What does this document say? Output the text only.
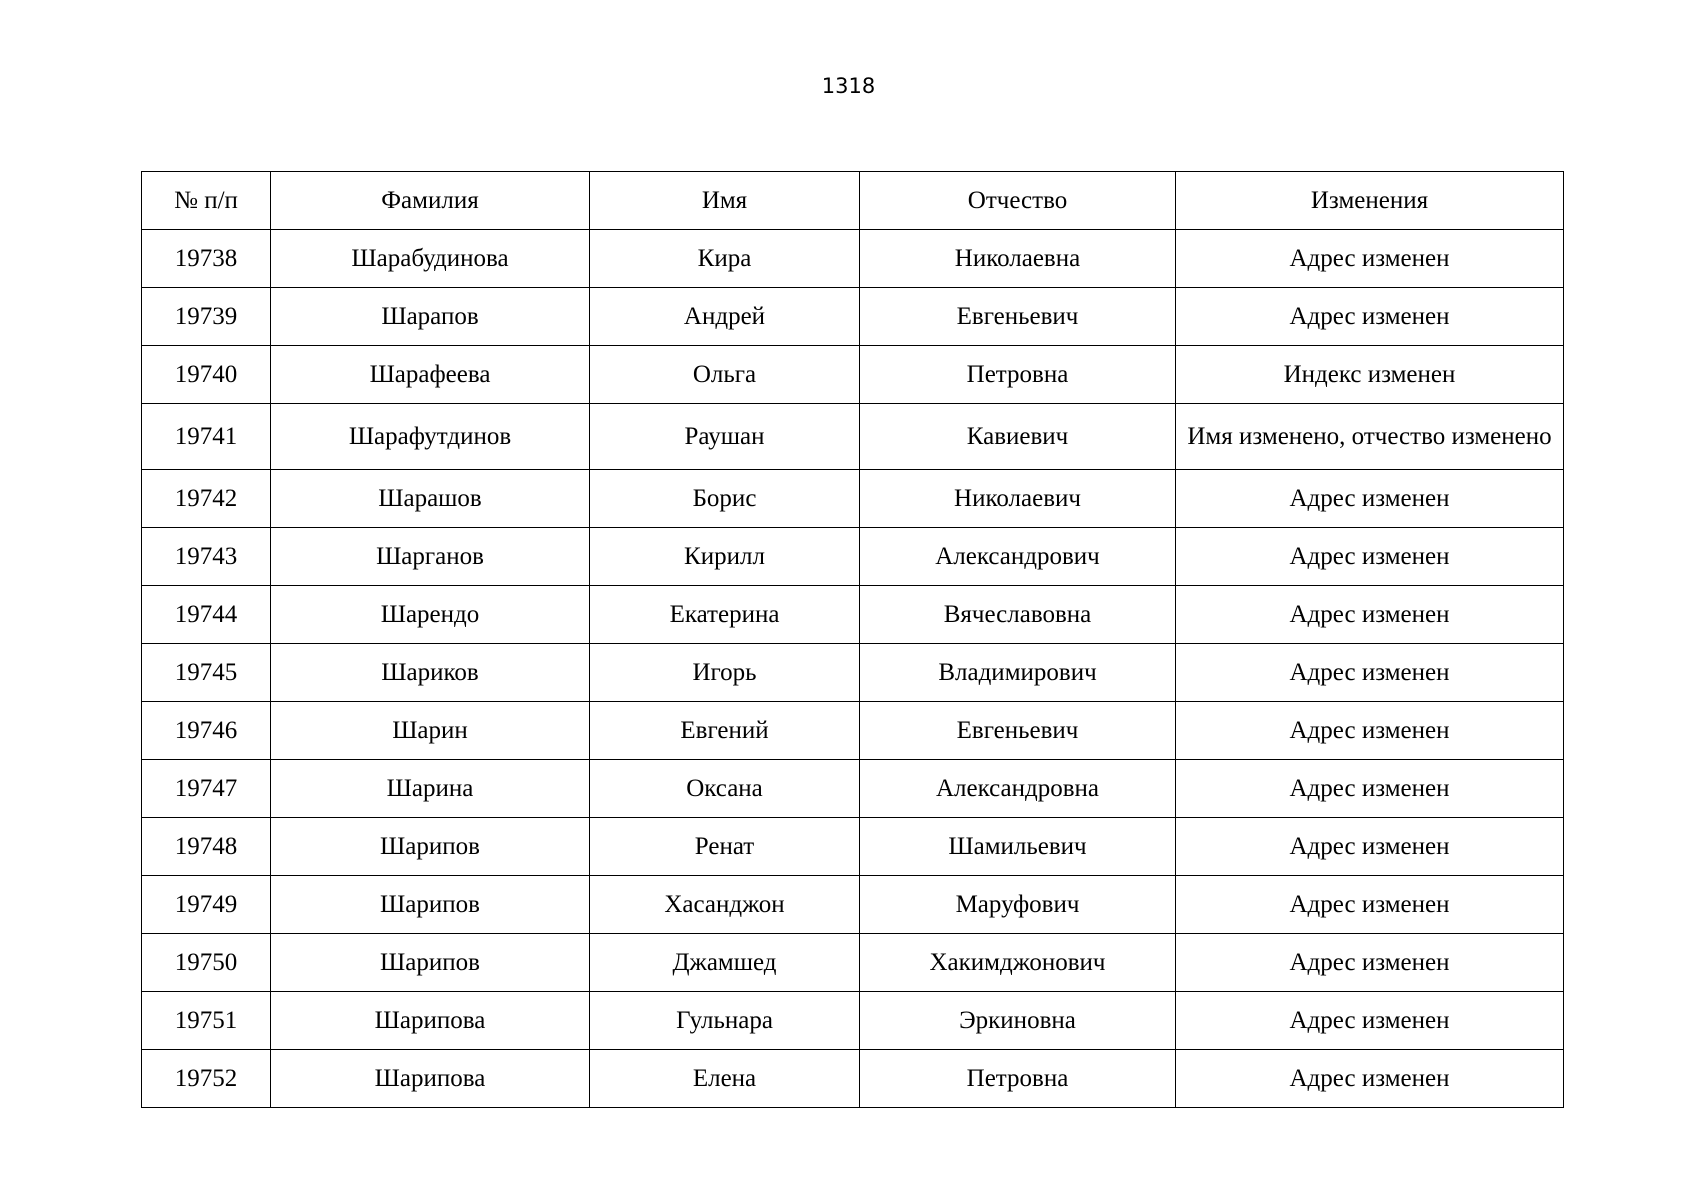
1318
№ п/п	Фамилия	Имя	Отчество	Изменения
19738	Шарабудинова	Кира	Николаевна	Адрес изменен
19739	Шарапов	Андрей	Евгеньевич	Адрес изменен
19740	Шарафеева	Ольга	Петровна	Индекс изменен
19741	Шарафутдинов	Раушан	Кавиевич	Имя изменено, отчество изменено
19742	Шарашов	Борис	Николаевич	Адрес изменен
19743	Шарганов	Кирилл	Александрович	Адрес изменен
19744	Шарендо	Екатерина	Вячеславовна	Адрес изменен
19745	Шариков	Игорь	Владимирович	Адрес изменен
19746	Шарин	Евгений	Евгеньевич	Адрес изменен
19747	Шарина	Оксана	Александровна	Адрес изменен
19748	Шарипов	Ренат	Шамильевич	Адрес изменен
19749	Шарипов	Хасанджон	Маруфович	Адрес изменен
19750	Шарипов	Джамшед	Хакимджонович	Адрес изменен
19751	Шарипова	Гульнара	Эркиновна	Адрес изменен
19752	Шарипова	Елена	Петровна	Адрес изменен
